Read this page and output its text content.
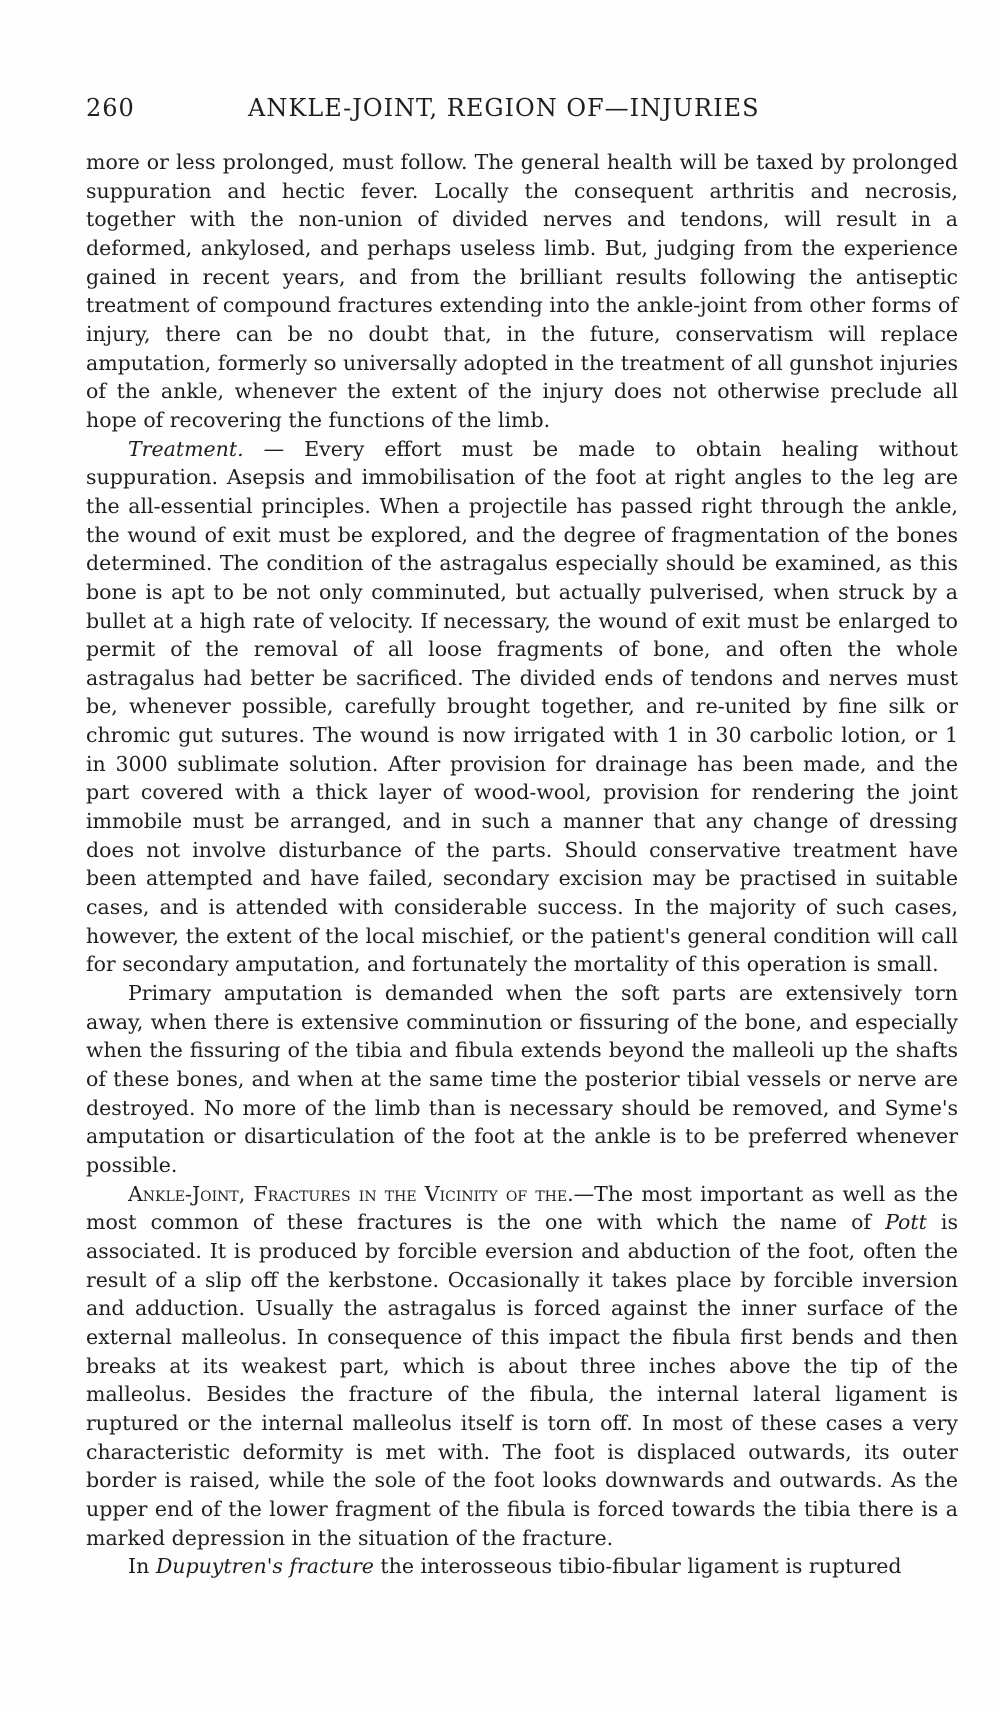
260	ANKLE-JOINT, REGION OF—INJURIES

more or less prolonged, must follow. The general health will be taxed by prolonged suppuration and hectic fever. Locally the consequent arthritis and necrosis, together with the non-union of divided nerves and tendons, will result in a deformed, ankylosed, and perhaps useless limb. But, judging from the experience gained in recent years, and from the brilliant results following the antiseptic treatment of compound fractures extending into the ankle-joint from other forms of injury, there can be no doubt that, in the future, conservatism will replace amputation, formerly so universally adopted in the treatment of all gunshot injuries of the ankle, whenever the extent of the injury does not otherwise preclude all hope of recovering the functions of the limb.

Treatment. — Every effort must be made to obtain healing without suppuration. Asepsis and immobilisation of the foot at right angles to the leg are the all-essential principles. When a projectile has passed right through the ankle, the wound of exit must be explored, and the degree of fragmentation of the bones determined. The condition of the astragalus especially should be examined, as this bone is apt to be not only comminuted, but actually pulverised, when struck by a bullet at a high rate of velocity. If necessary, the wound of exit must be enlarged to permit of the removal of all loose fragments of bone, and often the whole astragalus had better be sacrificed. The divided ends of tendons and nerves must be, whenever possible, carefully brought together, and re-united by fine silk or chromic gut sutures. The wound is now irrigated with 1 in 30 carbolic lotion, or 1 in 3000 sublimate solution. After provision for drainage has been made, and the part covered with a thick layer of wood-wool, provision for rendering the joint immobile must be arranged, and in such a manner that any change of dressing does not involve disturbance of the parts. Should conservative treatment have been attempted and have failed, secondary excision may be practised in suitable cases, and is attended with considerable success. In the majority of such cases, however, the extent of the local mischief, or the patient's general condition will call for secondary amputation, and fortunately the mortality of this operation is small.

Primary amputation is demanded when the soft parts are extensively torn away, when there is extensive comminution or fissuring of the bone, and especially when the fissuring of the tibia and fibula extends beyond the malleoli up the shafts of these bones, and when at the same time the posterior tibial vessels or nerve are destroyed. No more of the limb than is necessary should be removed, and Syme's amputation or disarticulation of the foot at the ankle is to be preferred whenever possible.

Ankle-Joint, Fractures in the Vicinity of the.—The most important as well as the most common of these fractures is the one with which the name of Pott is associated. It is produced by forcible eversion and abduction of the foot, often the result of a slip off the kerbstone. Occasionally it takes place by forcible inversion and adduction. Usually the astragalus is forced against the inner surface of the external malleolus. In consequence of this impact the fibula first bends and then breaks at its weakest part, which is about three inches above the tip of the malleolus. Besides the fracture of the fibula, the internal lateral ligament is ruptured or the internal malleolus itself is torn off. In most of these cases a very characteristic deformity is met with. The foot is displaced outwards, its outer border is raised, while the sole of the foot looks downwards and outwards. As the upper end of the lower fragment of the fibula is forced towards the tibia there is a marked depression in the situation of the fracture.

In Dupuytren's fracture the interosseous tibio-fibular ligament is ruptured
